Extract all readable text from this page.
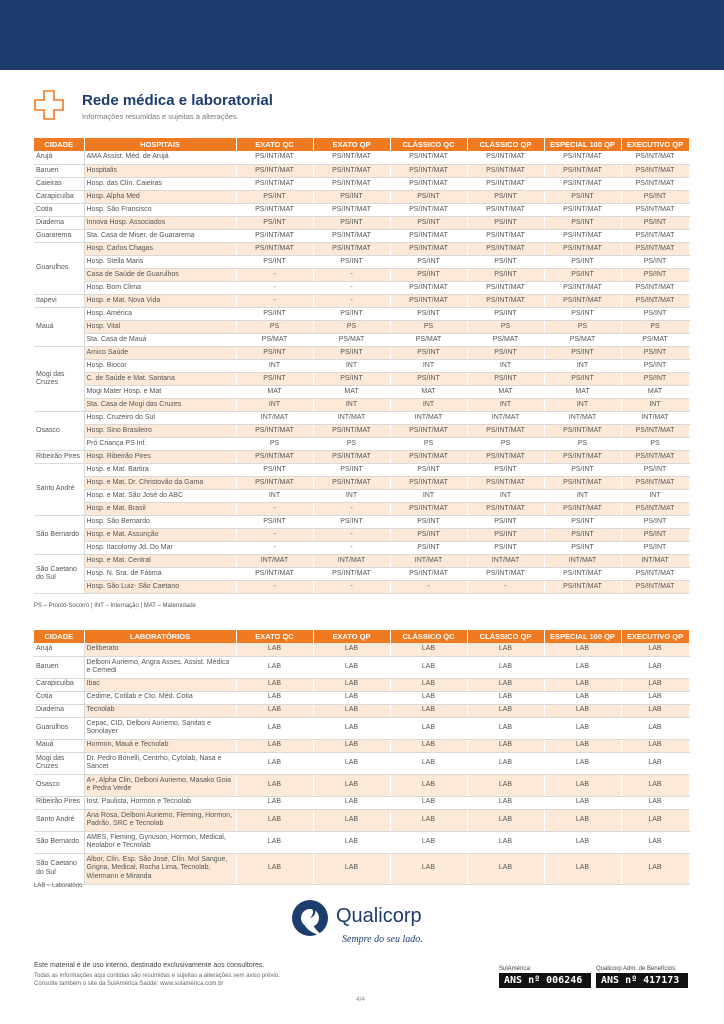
Rede médica e laboratorial
Informações resumidas e sujeitas a alterações.
CIDADE	HOSPITAIS	EXATO QC	EXATO QP	CLÁSSICO QC	CLÁSSICO QP	ESPECIAL 100 QP	EXECUTIVO QP
Arujá	AMA Assist. Méd. de Arujá	PS/INT/MAT	PS/INT/MAT	PS/INT/MAT	PS/INT/MAT	PS/INT/MAT	PS/INT/MAT
Barueri	Hospitalis	PS/INT/MAT	PS/INT/MAT	PS/INT/MAT	PS/INT/MAT	PS/INT/MAT	PS/INT/MAT
Caieiras	Hosp. das Clín. Caieiras	PS/INT/MAT	PS/INT/MAT	PS/INT/MAT	PS/INT/MAT	PS/INT/MAT	PS/INT/MAT
Carapicuíba	Hosp. Alpha Med	PS/INT	PS/INT	PS/INT	PS/INT	PS/INT	PS/INT
Cotia	Hosp. São Francisco	PS/INT/MAT	PS/INT/MAT	PS/INT/MAT	PS/INT/MAT	PS/INT/MAT	PS/INT/MAT
Diadema	Innova Hosp. Associados	PS/INT	PS/INT	PS/INT	PS/INT	PS/INT	PS/INT
Guararema	Sta. Casa de Miser. de Guararema	PS/INT/MAT	PS/INT/MAT	PS/INT/MAT	PS/INT/MAT	PS/INT/MAT	PS/INT/MAT
Guarulhos	Hosp. Carlos Chagas	PS/INT/MAT	PS/INT/MAT	PS/INT/MAT	PS/INT/MAT	PS/INT/MAT	PS/INT/MAT
	Hosp. Stella Maris	PS/INT	PS/INT	PS/INT	PS/INT	PS/INT	PS/INT
	Casa de Saúde de Guarulhos	-	-	PS/INT	PS/INT	PS/INT	PS/INT
	Hosp. Bom Clima	-	-	PS/INT/MAT	PS/INT/MAT	PS/INT/MAT	PS/INT/MAT
Itapevi	Hosp. e Mat. Nova Vida	-	-	PS/INT/MAT	PS/INT/MAT	PS/INT/MAT	PS/INT/MAT
Mauá	Hosp. América	PS/INT	PS/INT	PS/INT	PS/INT	PS/INT	PS/INT
	Hosp. Vital	PS	PS	PS	PS	PS	PS
	Sta. Casa de Mauá	PS/MAT	PS/MAT	PS/MAT	PS/MAT	PS/MAT	PS/MAT
Mogi das Cruzes	Amico Saúde	PS/INT	PS/INT	PS/INT	PS/INT	PS/INT	PS/INT
	Hosp. Biocor	INT	INT	INT	INT	INT	PS/INT
	C. de Saúde e Mat. Santana	PS/INT	PS/INT	PS/INT	PS/INT	PS/INT	PS/INT
	Mogi Mater Hosp. e Mat	MAT	MAT	MAT	MAT	MAT	MAT
	Sta. Casa de Mogi das Cruzes	INT	INT	INT	INT	INT	INT
Osasco	Hosp. Cruzeiro do Sul	INT/MAT	INT/MAT	INT/MAT	INT/MAT	INT/MAT	INT/MAT
	Hosp. Sino Brasileiro	PS/INT/MAT	PS/INT/MAT	PS/INT/MAT	PS/INT/MAT	PS/INT/MAT	PS/INT/MAT
	Pró Criança PS Inf.	PS	PS	PS	PS	PS	PS
Ribeirão Pires	Hosp. Ribeirão Pires	PS/INT/MAT	PS/INT/MAT	PS/INT/MAT	PS/INT/MAT	PS/INT/MAT	PS/INT/MAT
Santo André	Hosp. e Mat. Bartira	PS/INT	PS/INT	PS/INT	PS/INT	PS/INT	PS/INT
	Hosp. e Mat. Dr. Christovão da Gama	PS/INT/MAT	PS/INT/MAT	PS/INT/MAT	PS/INT/MAT	PS/INT/MAT	PS/INT/MAT
	Hosp. e Mat. São José do ABC	INT	INT	INT	INT	INT	INT
	Hosp. e Mat. Brasil	-	-	PS/INT/MAT	PS/INT/MAT	PS/INT/MAT	PS/INT/MAT
São Bernardo	Hosp. São Bernardo	PS/INT	PS/INT	PS/INT	PS/INT	PS/INT	PS/INT
	Hosp. e Mat. Assunção	-	-	PS/INT	PS/INT	PS/INT	PS/INT
	Hosp. Itacolomy Jd. Do Mar	-	-	PS/INT	PS/INT	PS/INT	PS/INT
São Caetano do Sul	Hosp. e Mat. Central	INT/MAT	INT/MAT	INT/MAT	INT/MAT	INT/MAT	INT/MAT
	Hosp. N. Sra. de Fátima	PS/INT/MAT	PS/INT/MAT	PS/INT/MAT	PS/INT/MAT	PS/INT/MAT	PS/INT/MAT
	Hosp. São Luiz- São Caetano	-	-	-	-	PS/INT/MAT	PS/INT/MAT
PS – Pronto-Socorro | INT – Internação | MAT – Maternidade
CIDADE	LABORATÓRIOS	EXATO QC	EXATO QP	CLÁSSICO QC	CLÁSSICO QP	ESPECIAL 100 QP	EXECUTIVO QP
Arujá	Deliberato	LAB	LAB	LAB	LAB	LAB	LAB
Barueri	Delboni Auriemo, Angra Asses. Assist. Médica e Cemedi	LAB	LAB	LAB	LAB	LAB	LAB
Carapicuíba	Ibac	LAB	LAB	LAB	LAB	LAB	LAB
Cotia	Cedime, Cotilab e Cto. Méd. Cotia	LAB	LAB	LAB	LAB	LAB	LAB
Diadema	Tecnolab	LAB	LAB	LAB	LAB	LAB	LAB
Guarulhos	Cepac, CID, Delboni Auriemo, Sanitas e Sonolayer	LAB	LAB	LAB	LAB	LAB	LAB
Mauá	Hormon, Mauá e Tecnolab	LAB	LAB	LAB	LAB	LAB	LAB
Mogi das Cruzes	Dr. Pedro Bonelli, Centrho, Cytolab, Nasa e Sancet	LAB	LAB	LAB	LAB	LAB	LAB
Osasco	A+, Alpha Clin, Delboni Auriemo, Masako Goia e Pedra Verde	LAB	LAB	LAB	LAB	LAB	LAB
Ribeirão Pires	Inst. Paulista, Hormon e Tecnolab	LAB	LAB	LAB	LAB	LAB	LAB
Santo André	Ana Rosa, Delboni Auriemo, Fleming, Hormon, Padrão, SRC e Tecnolab	LAB	LAB	LAB	LAB	LAB	LAB
São Bernardo	AMES, Fleming, Gynuson, Hormon, Medical, Neolabor e Tecnolab	LAB	LAB	LAB	LAB	LAB	LAB
São Caetano do Sul	Albor, Clín. Esp. São José, Clín. Mol Sangue, Grigna, Medical, Rocha Lima, Tecnolab, Wiermann e Miranda	LAB	LAB	LAB	LAB	LAB	LAB
LAB – Laboratório
Qualicorp
Sempre do seu lado.
Este material é de uso interno, destinado exclusivamente aos consultores.
Todas as informações aqui contidas são resumidas e sujeitas a alterações sem aviso prévio.
Consulte também o site da SulAmérica Saúde: www.sulamerica.com.br
SulAmérica:
ANS nº 006246
Qualicorp Adm. de Benefícios:
ANS nº 417173
4/4
